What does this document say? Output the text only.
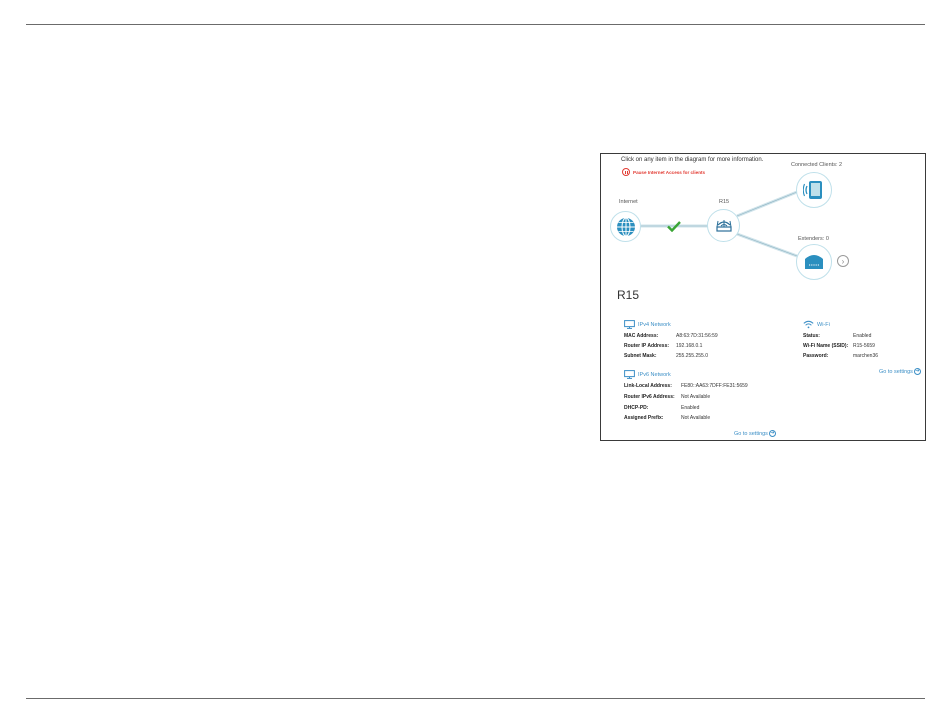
Click on any item in the diagram for more information.
Pause Internet Access for clients
Internet	R15
Connected Clients: 2
Extenders: 0
›
R15
IPv4 Network
MAC Address:	A8:63:7D:31:56:59
Router IP Address: 192.168.0.1
Subnet Mask:	255.255.255.0
Wi-Fi
Status:	Enabled
Wi-Fi Name (SSID): R15-5659
Password:	marchen36
Go to settings ➔
IPv6 Network
Link-Local Address: FE80::AA63:7DFF:FE31:5659
Router IPv6 Address: Not Available
DHCP-PD:	Enabled
Assigned Prefix:	Not Available
Go to settings ➔
